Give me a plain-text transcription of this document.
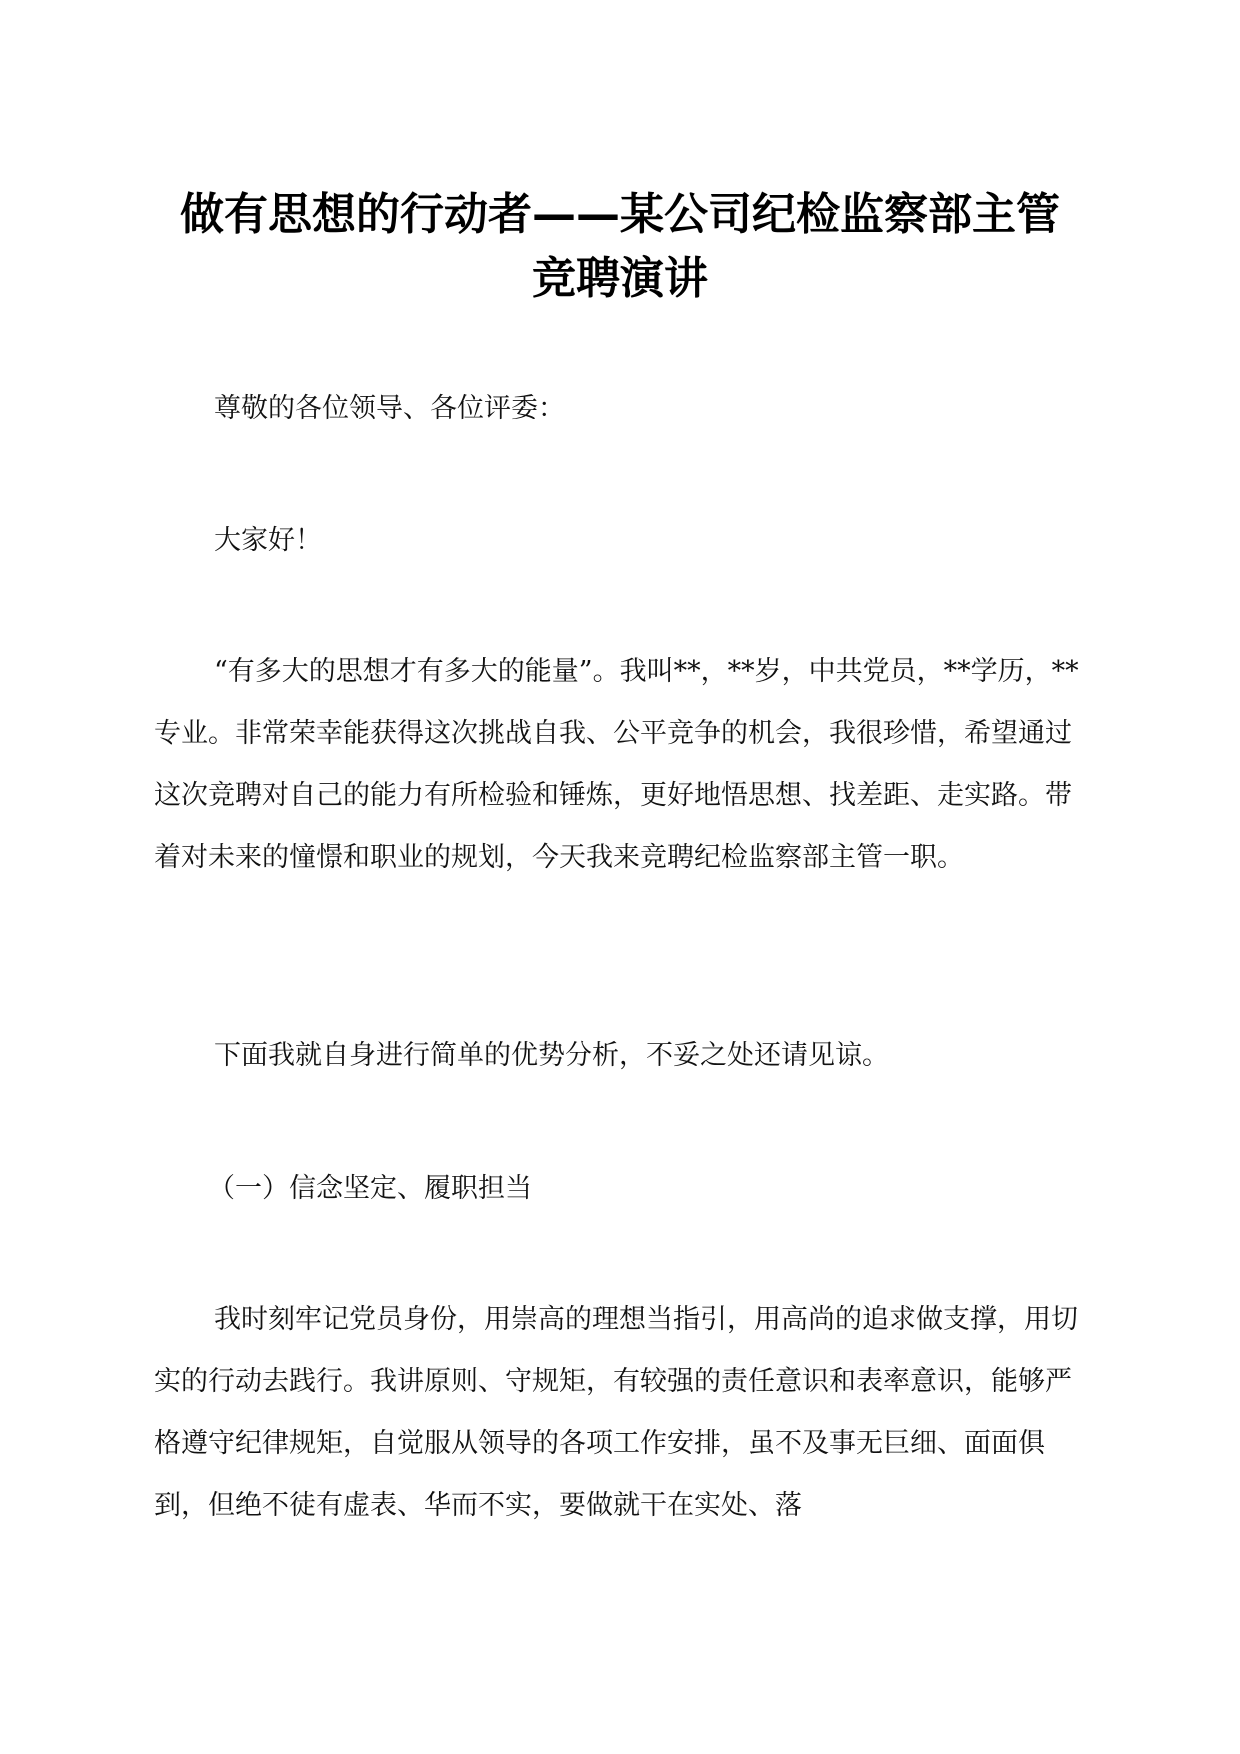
做有思想的行动者——某公司纪检监察部主管
竞聘演讲

尊敬的各位领导、各位评委：

大家好！

“有多大的思想才有多大的能量”。我叫**，**岁，中共党员，**学历，**专业。非常荣幸能获得这次挑战自我、公平竞争的机会，我很珍惜，希望通过这次竞聘对自己的能力有所检验和锤炼，更好地悟思想、找差距、走实路。带着对未来的憧憬和职业的规划，今天我来竞聘纪检监察部主管一职。

下面我就自身进行简单的优势分析，不妥之处还请见谅。

（一）信念坚定、履职担当

我时刻牢记党员身份，用崇高的理想当指引，用高尚的追求做支撑，用切实的行动去践行。我讲原则、守规矩，有较强的责任意识和表率意识，能够严格遵守纪律规矩，自觉服从领导的各项工作安排，虽不及事无巨细、面面俱到，但绝不徒有虚表、华而不实，要做就干在实处、落
